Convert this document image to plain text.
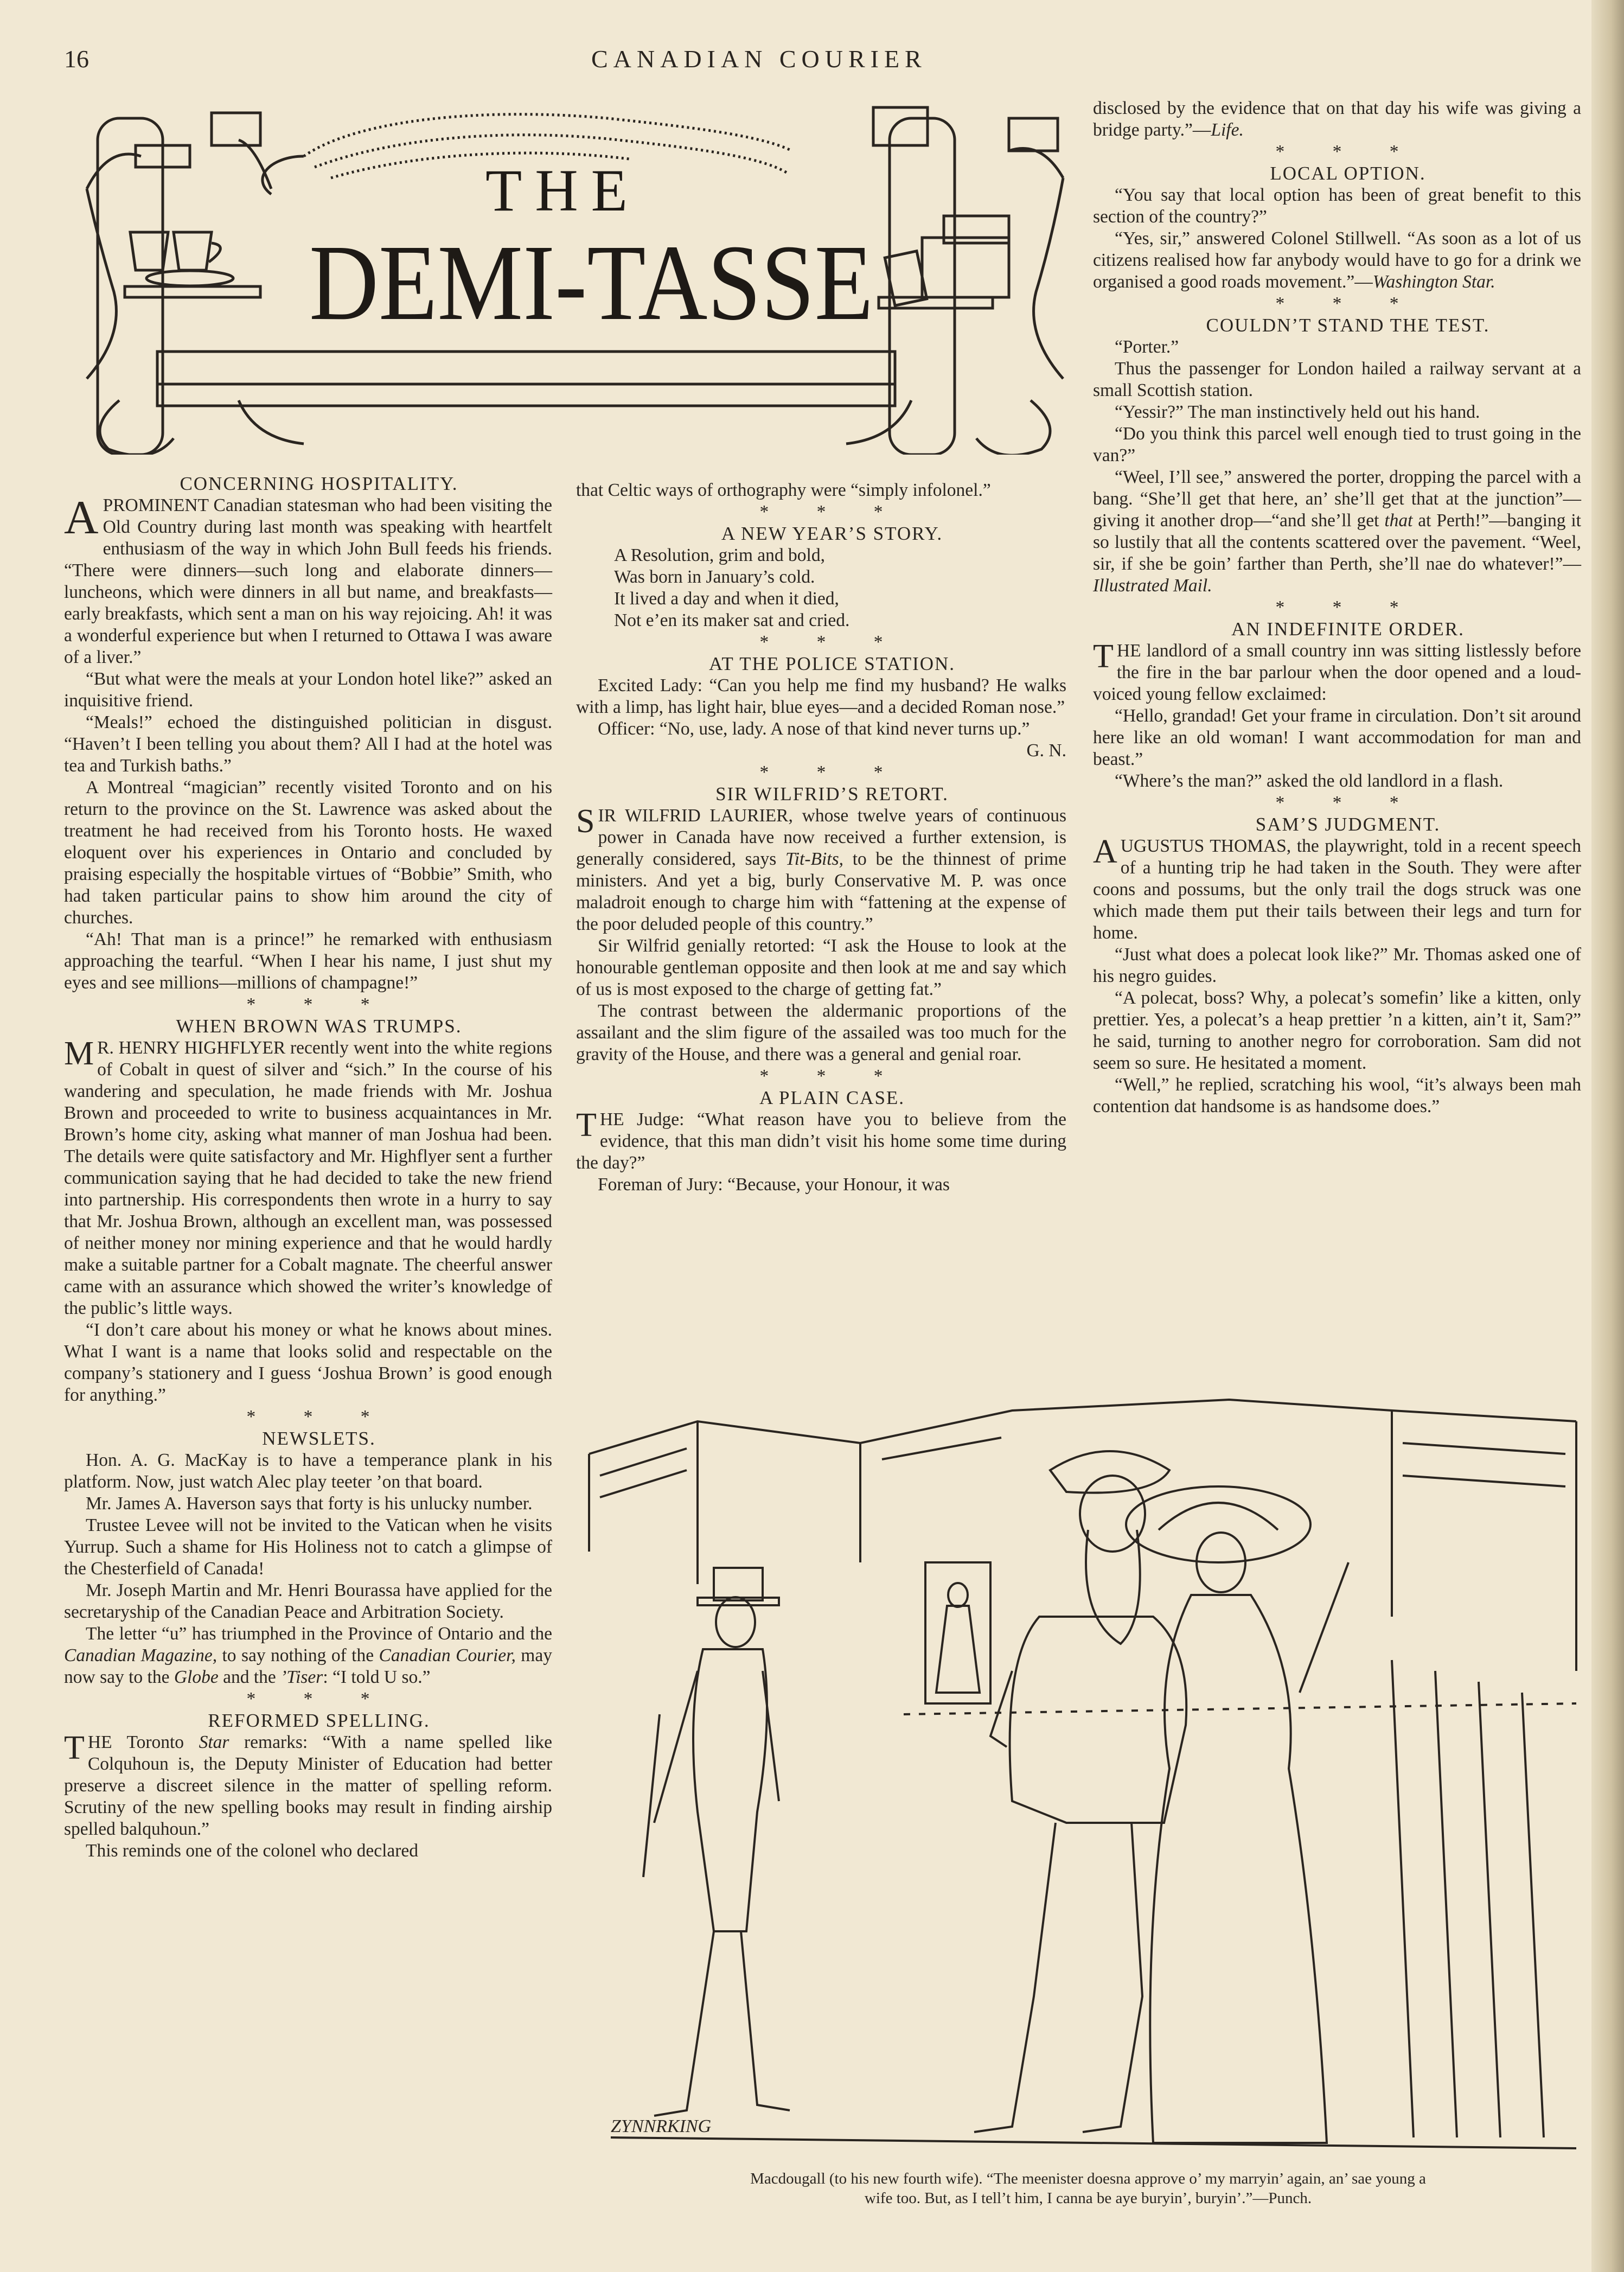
16	CANADIAN COURIER
THE
DEMI-TASSE

CONCERNING HOSPITALITY.

APROMINENT Canadian statesman who had been visiting the Old Country during last month was speaking with heartfelt enthusiasm of the way in which John Bull feeds his friends. “There were dinners—such long and elaborate dinners—luncheons, which were dinners in all but name, and breakfasts—early breakfasts, which sent a man on his way rejoicing. Ah! it was a wonderful experience but when I returned to Ottawa I was aware of a liver.”

“But what were the meals at your London hotel like?” asked an inquisitive friend.

“Meals!” echoed the distinguished politician in disgust. “Haven’t I been telling you about them? All I had at the hotel was tea and Turkish baths.”

A Montreal “magician” recently visited Toronto and on his return to the province on the St. Lawrence was asked about the treatment he had received from his Toronto hosts. He waxed eloquent over his experiences in Ontario and concluded by praising especially the hospitable virtues of “Bobbie” Smith, who had taken particular pains to show him around the city of churches.

“Ah! That man is a prince!” he remarked with enthusiasm approaching the tearful. “When I hear his name, I just shut my eyes and see millions—millions of champagne!”

* * *

WHEN BROWN WAS TRUMPS.

M R. HENRY HIGHFLYER recently went into the white regions of Cobalt in quest of silver and “sich.” In the course of his wandering and speculation, he made friends with Mr. Joshua Brown and proceeded to write to business acquaintances in Mr. Brown’s home city, asking what manner of man Joshua had been. The details were quite satisfactory and Mr. Highflyer sent a further communication saying that he had decided to take the new friend into partnership. His correspondents then wrote in a hurry to say that Mr. Joshua Brown, although an excellent man, was possessed of neither money nor mining experience and that he would hardly make a suitable partner for a Cobalt magnate. The cheerful answer came with an assurance which showed the writer’s knowledge of the public’s little ways.

“I don’t care about his money or what he knows about mines. What I want is a name that looks solid and respectable on the company’s stationery and I guess ‘Joshua Brown’ is good enough for anything.”

* * *

NEWSLETS.

Hon. A. G. MacKay is to have a temperance plank in his platform. Now, just watch Alec play teeter ’on that board.

Mr. James A. Haverson says that forty is his unlucky number.

Trustee Levee will not be invited to the Vatican when he visits Yurrup. Such a shame for His Holiness not to catch a glimpse of the Chesterfield of Canada!

Mr. Joseph Martin and Mr. Henri Bourassa have applied for the secretaryship of the Canadian Peace and Arbitration Society.

The letter “u” has triumphed in the Province of Ontario and the Canadian Magazine, to say nothing of the Canadian Courier, may now say to the Globe and the ’Tiser: “I told U so.”

* * *

REFORMED SPELLING.

THE Toronto Star remarks: “With a name spelled like Colquhoun is, the Deputy Minister of Education had better preserve a discreet silence in the matter of spelling reform. Scrutiny of the new spelling books may result in finding airship spelled balquhoun.”

This reminds one of the colonel who declared

that Celtic ways of orthography were “simply infolonel.”

* * *

A NEW YEAR’S STORY.

A Resolution, grim and bold,

Was born in January’s cold.

It lived a day and when it died,

Not e’en its maker sat and cried.

* * *

AT THE POLICE STATION.

Excited Lady: “Can you help me find my husband? He walks with a limp, has light hair, blue eyes—and a decided Roman nose.”

Officer: “No, use, lady. A nose of that kind never turns up.”

G. N.

* * *

SIR WILFRID’S RETORT.

SIR WILFRID LAURIER, whose twelve years of continuous power in Canada have now received a further extension, is generally considered, says Tit-Bits, to be the thinnest of prime ministers. And yet a big, burly Conservative M. P. was once maladroit enough to charge him with “fattening at the expense of the poor deluded people of this country.”

Sir Wilfrid genially retorted: “I ask the House to look at the honourable gentleman opposite and then look at me and say which of us is most exposed to the charge of getting fat.”

The contrast between the aldermanic proportions of the assailant and the slim figure of the assailed was too much for the gravity of the House, and there was a general and genial roar.

* * *

A PLAIN CASE.

THE Judge: “What reason have you to believe from the evidence, that this man didn’t visit his home some time during the day?”

Foreman of Jury: “Because, your Honour, it was

disclosed by the evidence that on that day his wife was giving a bridge party.”—Life.

* * *

LOCAL OPTION.

“You say that local option has been of great benefit to this section of the country?”

“Yes, sir,” answered Colonel Stillwell. “As soon as a lot of us citizens realised how far anybody would have to go for a drink we organised a good roads movement.”—Washington Star.

* * *

COULDN’T STAND THE TEST.

“Porter.”

Thus the passenger for London hailed a railway servant at a small Scottish station.

“Yessir?” The man instinctively held out his hand.

“Do you think this parcel well enough tied to trust going in the van?”

“Weel, I’ll see,” answered the porter, dropping the parcel with a bang. “She’ll get that here, an’ she’ll get that at the junction”—giving it another drop—“and she’ll get that at Perth!”—banging it so lustily that all the contents scattered over the pavement. “Weel, sir, if she be goin’ farther than Perth, she’ll nae do whatever!”—Illustrated Mail.

* * *

AN INDEFINITE ORDER.

THE landlord of a small country inn was sitting listlessly before the fire in the bar parlour when the door opened and a loud-voiced young fellow exclaimed:

“Hello, grandad! Get your frame in circulation. Don’t sit around here like an old woman! I want accommodation for man and beast.”

“Where’s the man?” asked the old landlord in a flash.

* * *

SAM’S JUDGMENT.

AUGUSTUS THOMAS, the playwright, told in a recent speech of a hunting trip he had taken in the South. They were after coons and possums, but the only trail the dogs struck was one which made them put their tails between their legs and turn for home.

“Just what does a polecat look like?” Mr. Thomas asked one of his negro guides.

“A polecat, boss? Why, a polecat’s somefin’ like a kitten, only prettier. Yes, a polecat’s a heap prettier ’n a kitten, ain’t it, Sam?” he said, turning to another negro for corroboration. Sam did not seem so sure. He hesitated a moment.

“Well,” he replied, scratching his wool, “it’s always been mah contention dat handsome is as handsome does.”

ZYNNRKING
Macdougall (to his new fourth wife). “The meenister doesna approve o’ my marryin’ again, an’ sae young a
wife too. But, as I tell’t him, I canna be aye buryin’, buryin’.”—Punch.
